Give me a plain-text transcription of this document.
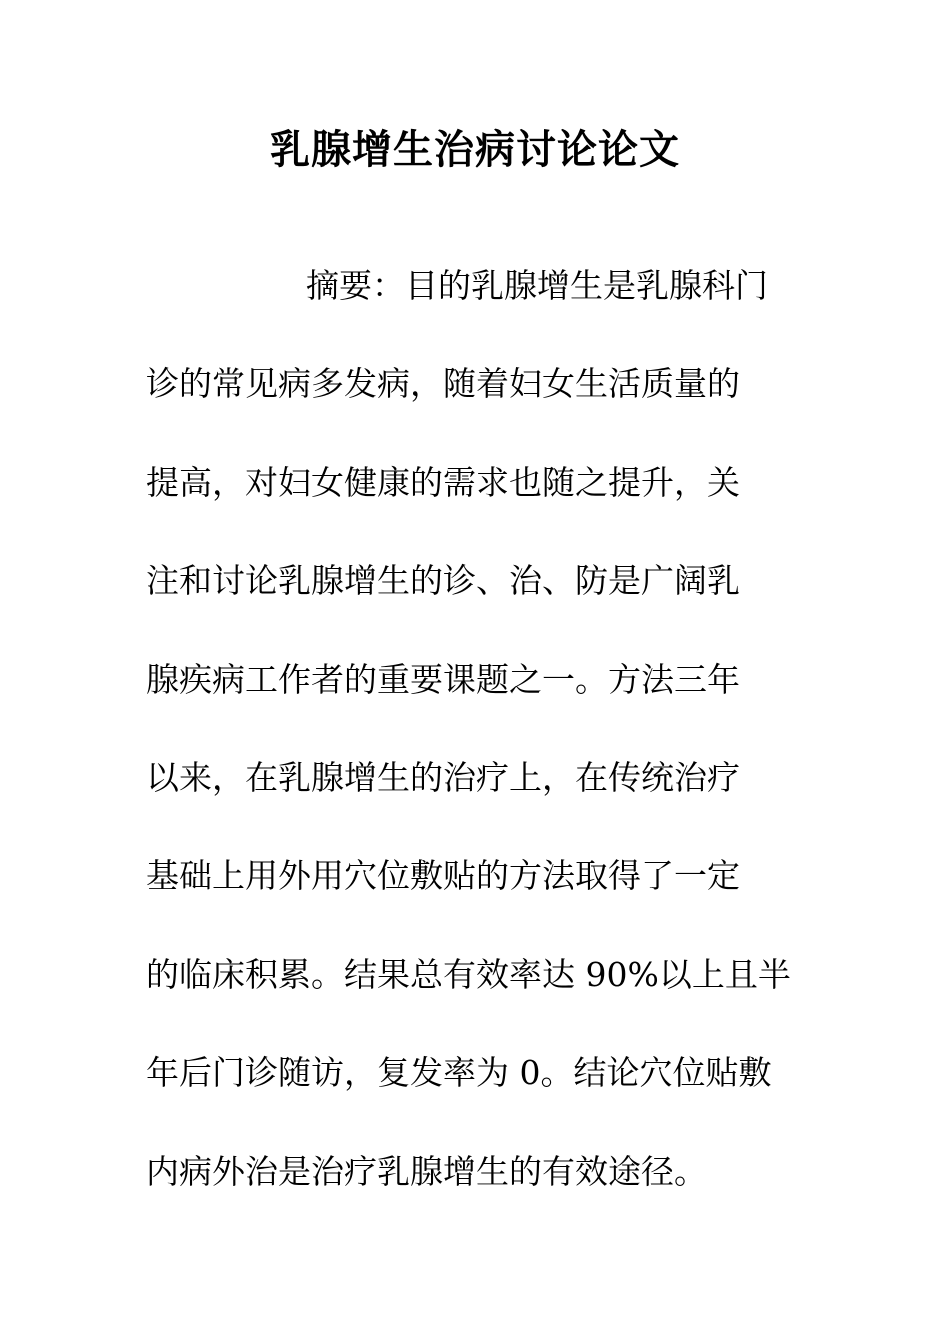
乳腺增生治病讨论论文
摘要：目的乳腺增生是乳腺科门
诊的常见病多发病，随着妇女生活质量的
提高，对妇女健康的需求也随之提升，关
注和讨论乳腺增生的诊、治、防是广阔乳
腺疾病工作者的重要课题之一。方法三年
以来，在乳腺增生的治疗上，在传统治疗
基础上用外用穴位敷贴的方法取得了一定
的临床积累。结果总有效率达 90%以上且半
年后门诊随访，复发率为 0。结论穴位贴敷
内病外治是治疗乳腺增生的有效途径。
